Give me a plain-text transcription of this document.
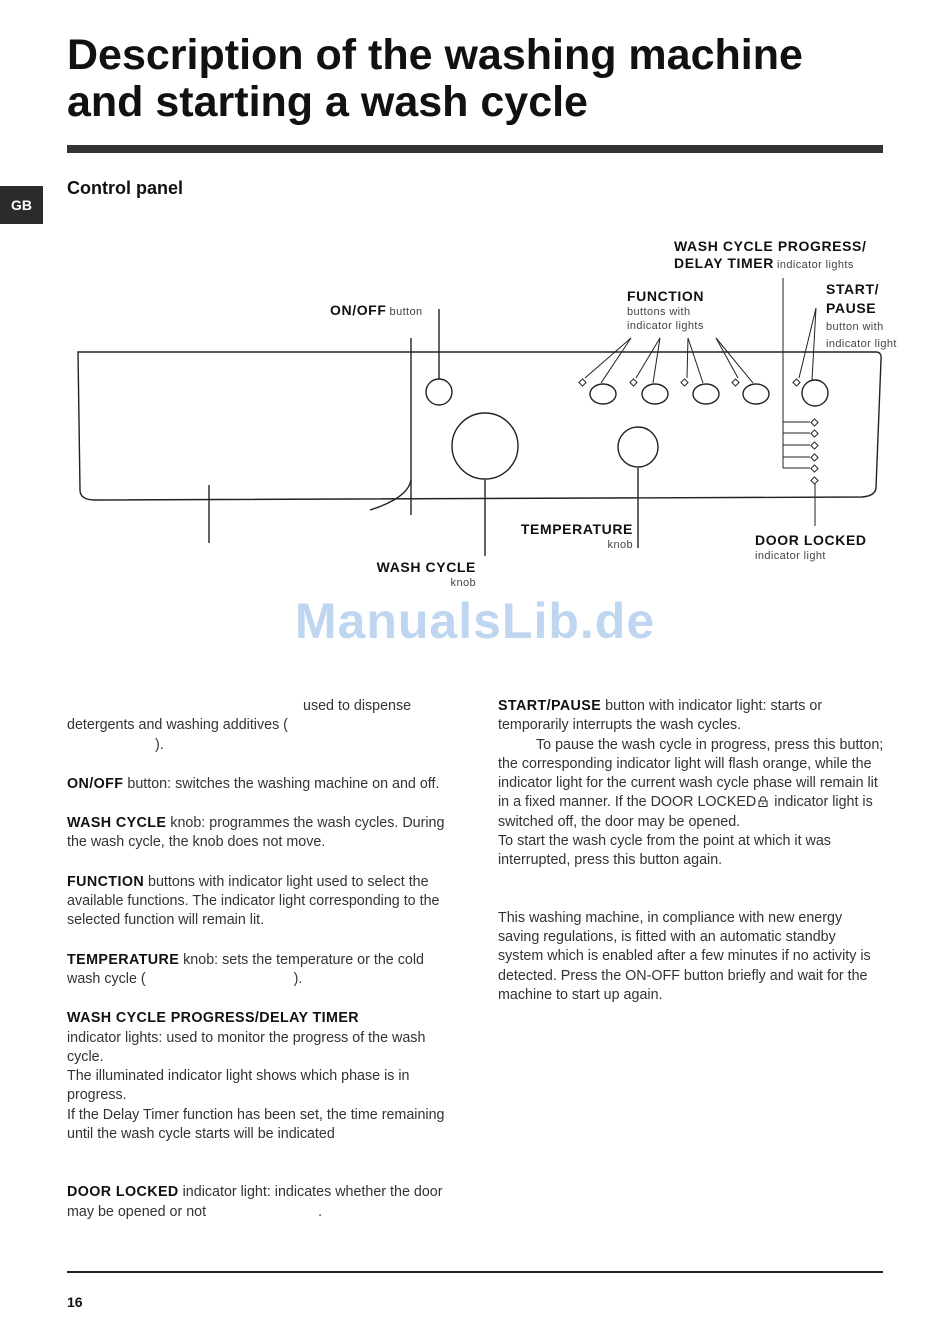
Description of the washing machine
and starting a wash cycle
GB
Control panel
ON/OFF button
FUNCTION
buttons with
indicator lights
WASH CYCLE PROGRESS/
DELAY TIMER indicator lights
START/
PAUSE
button with
indicator light
TEMPERATURE
knob
WASH CYCLE
knob
DOOR LOCKED
indicator light
ManualsLib.de

used to dispense
detergents and washing additives (
).

ON/OFF button: switches the washing machine on and off.

WASH CYCLE knob: programmes the wash cycles. During the wash cycle, the knob does not move.

FUNCTION buttons with indicator light used to select the available functions. The indicator light corresponding to the selected function will remain lit.

TEMPERATURE knob: sets the temperature or the cold wash cycle (	).

WASH CYCLE PROGRESS/DELAY TIMER
indicator lights: used to monitor the progress of the wash cycle.
The illuminated indicator light shows which phase is in progress.
If the Delay Timer function has been set, the time remaining until the wash cycle starts will be indicated

DOOR LOCKED indicator light: indicates whether the door may be opened or not	.

START/PAUSE button with indicator light: starts or temporarily interrupts the wash cycles.
To pause the wash cycle in progress, press this button; the corresponding indicator light will flash orange, while the indicator light for the current wash cycle phase will remain lit in a fixed manner. If the DOOR LOCKED indicator light is switched off, the door may be opened.
To start the wash cycle from the point at which it was interrupted, press this button again.

This washing machine, in compliance with new energy saving regulations, is fitted with an automatic standby system which is enabled after a few minutes if no activity is detected. Press the ON-OFF button briefly and wait for the machine to start up again.

16
